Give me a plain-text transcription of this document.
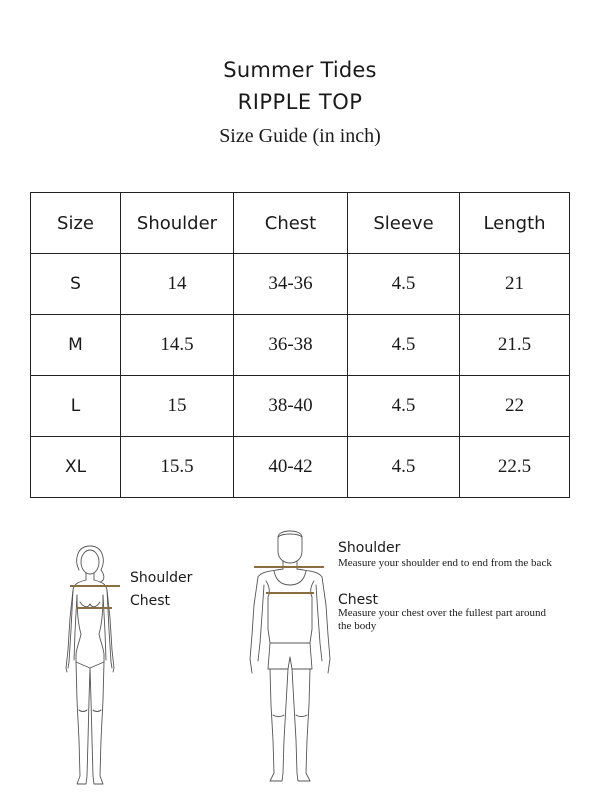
Summer Tides
RIPPLE TOP
Size Guide (in inch)
Size	Shoulder	Chest	Sleeve	Length
S	14	34-36	4.5	21
M	14.5	36-38	4.5	21.5
L	15	38-40	4.5	22
XL	15.5	40-42	4.5	22.5
Shoulder
Chest
Shoulder
Measure your shoulder end to end from the back
Chest
Measure your chest over the fullest part around the body
